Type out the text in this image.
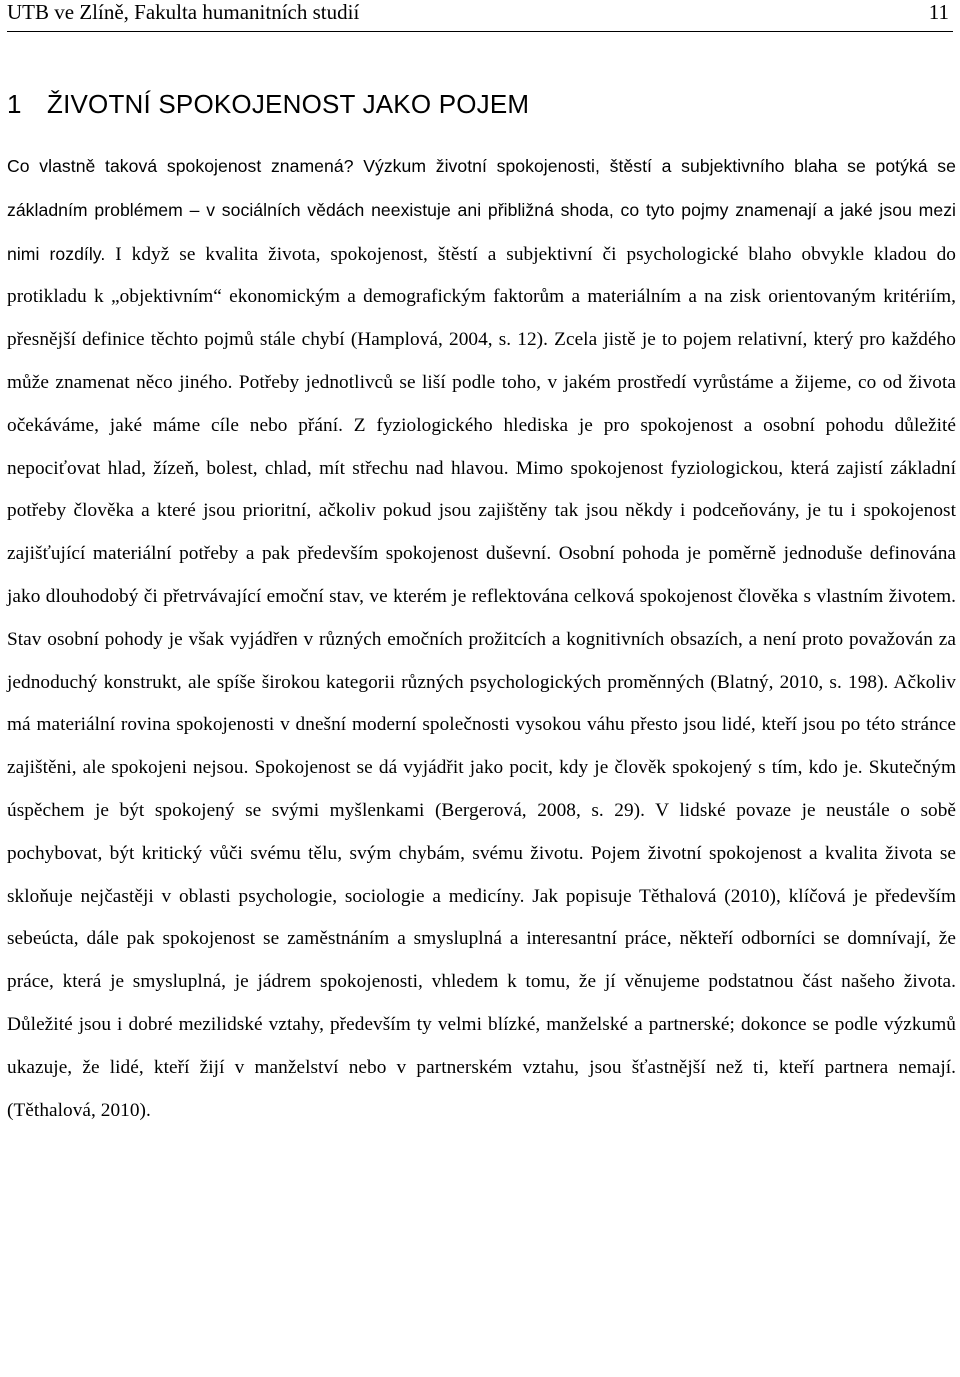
UTB ve Zlíně, Fakulta humanitních studií	11
1 ŽIVOTNÍ SPOKOJENOST JAKO POJEM

Co vlastně taková spokojenost znamená? Výzkum životní spokojenosti, štěstí a subjektivního blaha se potýká se základním problémem – v sociálních vědách neexistuje ani přibližná shoda, co tyto pojmy znamenají a jaké jsou mezi nimi rozdíly. I když se kvalita života, spokojenost, štěstí a subjektivní či psychologické blaho obvykle kladou do protikladu k „objektivním“ ekonomickým a demografickým faktorům a materiálním a na zisk orientovaným kritériím, přesnější definice těchto pojmů stále chybí (Hamplová, 2004, s. 12). Zcela jistě je to pojem relativní, který pro každého může znamenat něco jiného. Potřeby jednotlivců se liší podle toho, v jakém prostředí vyrůstáme a žijeme, co od života očekáváme, jaké máme cíle nebo přání. Z fyziologického hlediska je pro spokojenost a osobní pohodu důležité nepociťovat hlad, žízeň, bolest, chlad, mít střechu nad hlavou. Mimo spokojenost fyziologickou, která zajistí základní potřeby člověka a které jsou prioritní, ačkoliv pokud jsou zajištěny tak jsou někdy i podceňovány, je tu i spokojenost zajišťující materiální potřeby a pak především spokojenost duševní. Osobní pohoda je poměrně jednoduše definována jako dlouhodobý či přetrvávající emoční stav, ve kterém je reflektována celková spokojenost člověka s vlastním životem. Stav osobní pohody je však vyjádřen v různých emočních prožitcích a kognitivních obsazích, a není proto považován za jednoduchý konstrukt, ale spíše širokou kategorii různých psychologických proměnných (Blatný, 2010, s. 198). Ačkoliv má materiální rovina spokojenosti v dnešní moderní společnosti vysokou váhu přesto jsou lidé, kteří jsou po této stránce zajištěni, ale spokojeni nejsou. Spokojenost se dá vyjádřit jako pocit, kdy je člověk spokojený s tím, kdo je. Skutečným úspěchem je být spokojený se svými myšlenkami (Bergerová, 2008, s. 29). V lidské povaze je neustále o sobě pochybovat, být kritický vůči svému tělu, svým chybám, svému životu. Pojem životní spokojenost a kvalita života se skloňuje nejčastěji v oblasti psychologie, sociologie a medicíny. Jak popisuje Těthalová (2010), klíčová je především sebeúcta, dále pak spokojenost se zaměstnáním a smysluplná a interesantní práce, někteří odborníci se domnívají, že práce, která je smysluplná, je jádrem spokojenosti, vhledem k tomu, že jí věnujeme podstatnou část našeho života. Důležité jsou i dobré mezilidské vztahy, především ty velmi blízké, manželské a partnerské; dokonce se podle výzkumů ukazuje, že lidé, kteří žijí v manželství nebo v partnerském vztahu, jsou šťastnější než ti, kteří partnera nemají. (Těthalová, 2010).
